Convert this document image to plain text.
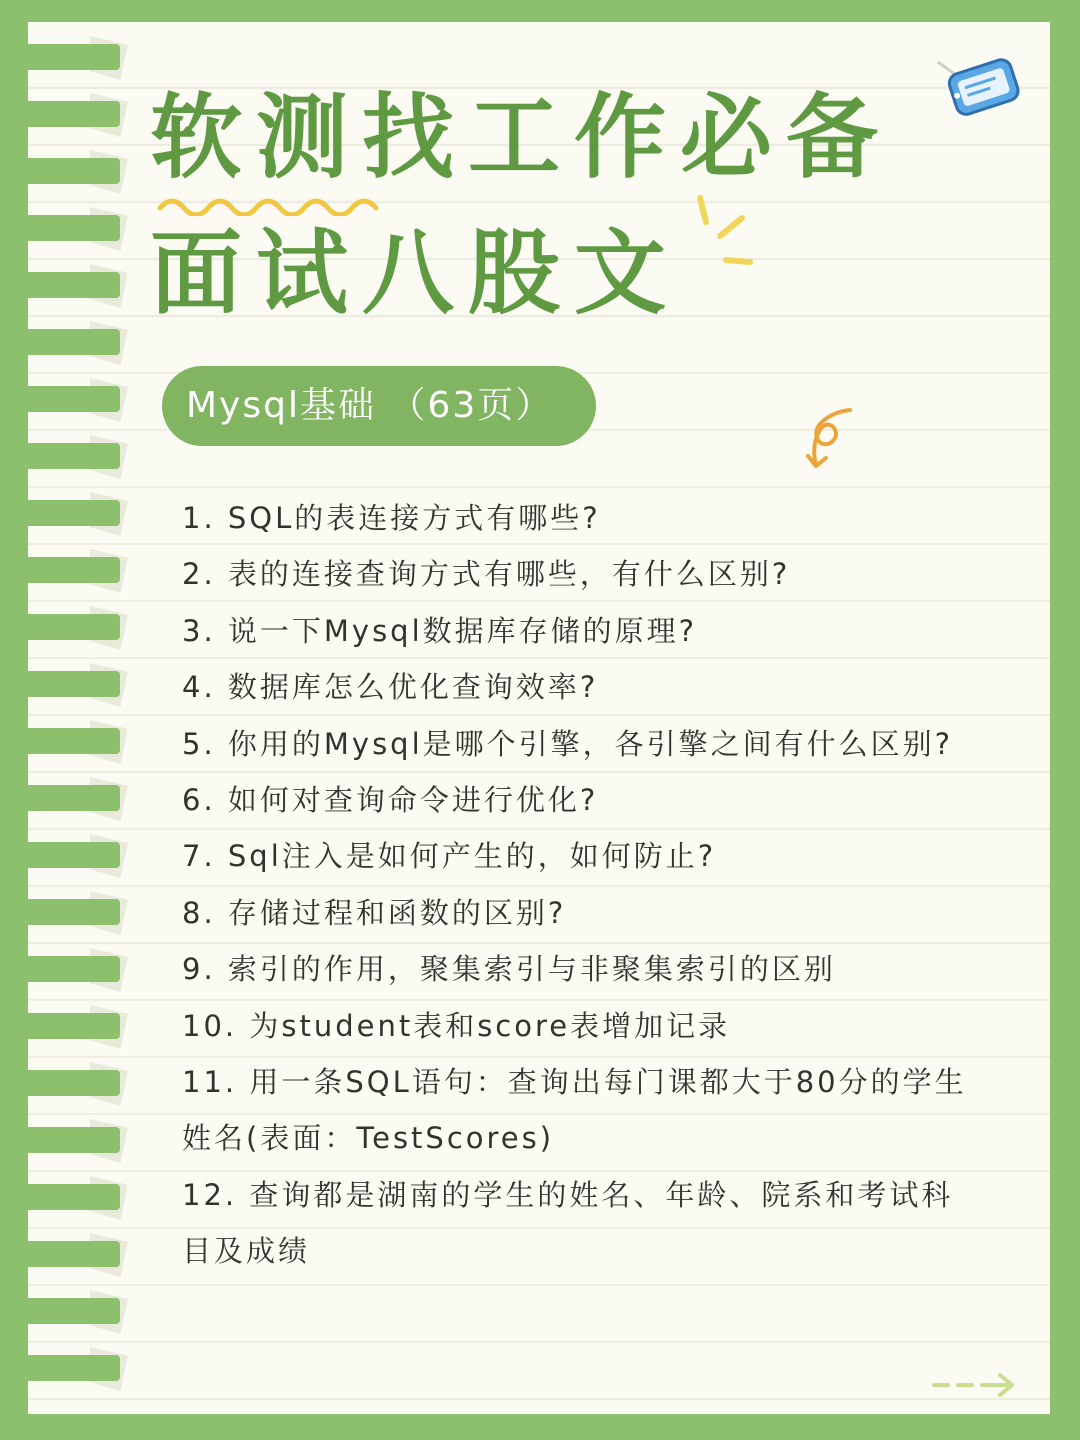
软测找工作必备
面试八股文
Mysql基础 （63页）
1. SQL的表连接方式有哪些?
2. 表的连接查询方式有哪些，有什么区别?
3. 说一下Mysql数据库存储的原理?
4. 数据库怎么优化查询效率?
5. 你用的Mysql是哪个引擎，各引擎之间有什么区别?
6. 如何对查询命令进行优化?
7. Sql注入是如何产生的，如何防止?
8. 存储过程和函数的区别?
9. 索引的作用，聚集索引与非聚集索引的区别
10. 为student表和score表增加记录
11. 用一条SQL语句：查询出每门课都大于80分的学生姓名(表面：TestScores)
12. 查询都是湖南的学生的姓名、年龄、院系和考试科目及成绩
